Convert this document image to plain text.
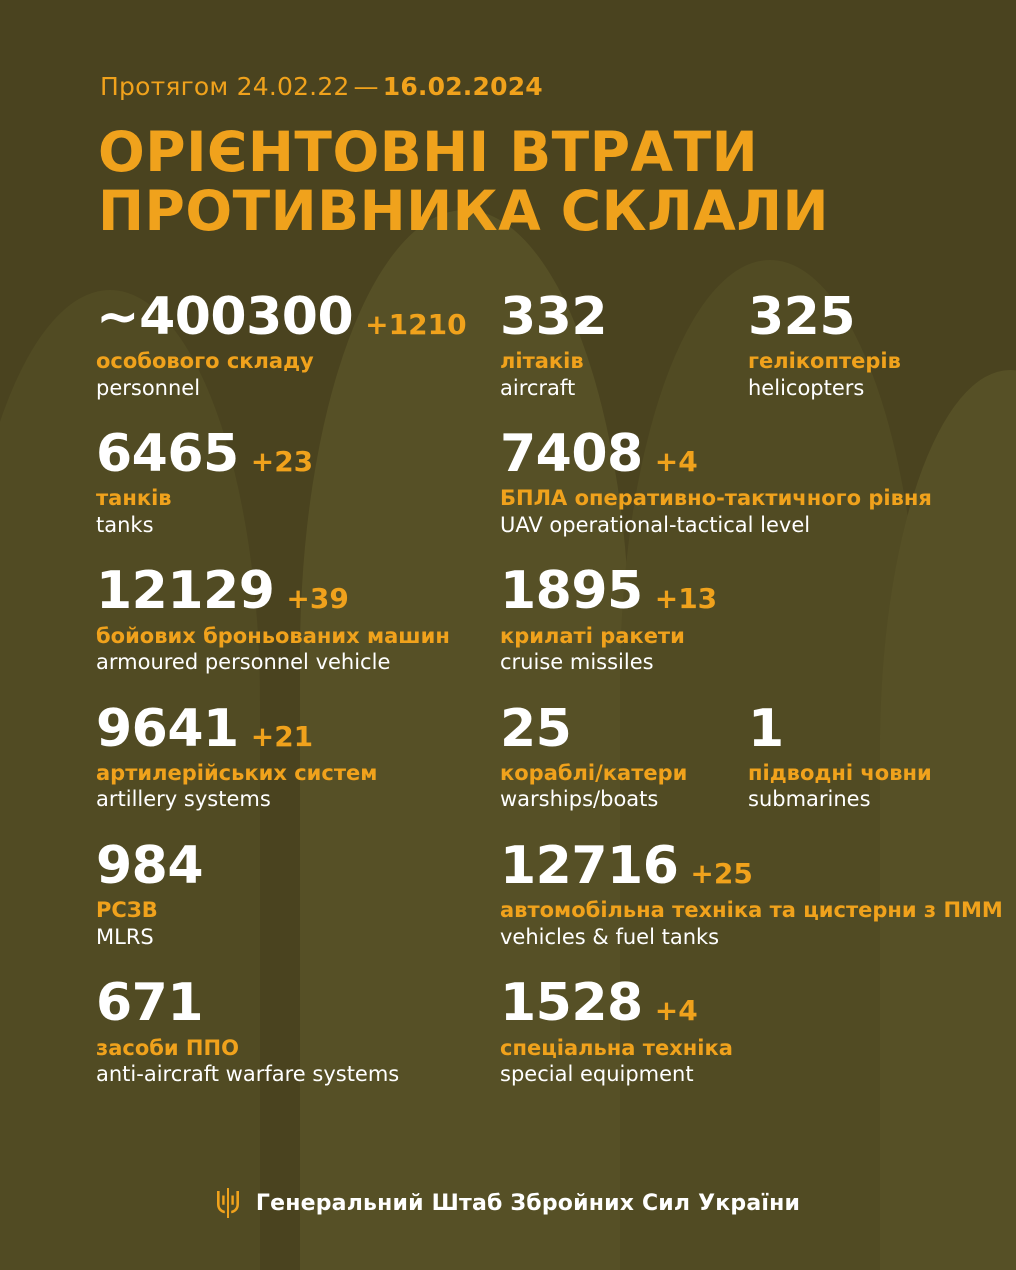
Протягом 24.02.22 — 16.02.2024
ОРІЄНТОВНІ ВТРАТИ
ПРОТИВНИКА СКЛАЛИ
~400300 +1210
особового складу
personnel
332
літаків
aircraft
325
гелікоптерів
helicopters
6465 +23
танків
tanks
7408 +4
БПЛА оперативно-тактичного рівня
UAV operational-tactical level
12129 +39
бойових броньованих машин
armoured personnel vehicle
1895 +13
крилаті ракети
cruise missiles
9641 +21
артилерійських систем
artillery systems
25
кораблі/катери
warships/boats
1
підводні човни
submarines
984
РСЗВ
MLRS
12716 +25
автомобільна техніка та цистерни з ПММ
vehicles & fuel tanks
671
засоби ППО
anti-aircraft warfare systems
1528 +4
спеціальна техніка
special equipment
Генеральний Штаб Збройних Сил України
